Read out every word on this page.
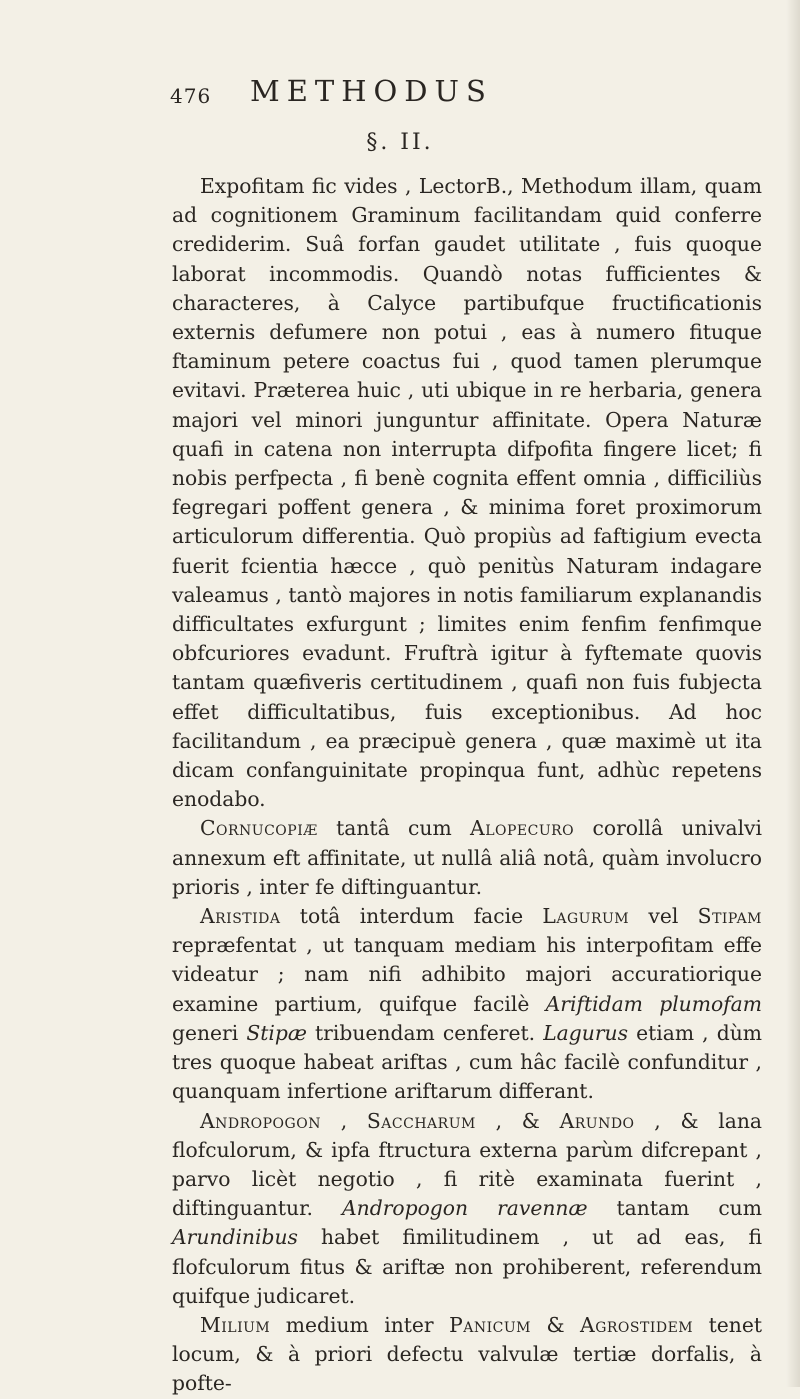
476 METHODUS
§. II.

Expofitam fic vides , LectorB., Methodum illam, quam ad cognitionem Graminum facilitandam quid conferre crediderim. Suâ forfan gaudet utilitate , fuis quoque laborat incommodis. Quandò notas fufficientes & characteres, à Calyce partibufque fructificationis externis defumere non potui , eas à numero fituque ftaminum petere coactus fui , quod tamen plerumque evitavi. Præterea huic , uti ubique in re herbaria, genera majori vel minori junguntur affinitate. Opera Naturæ quafi in catena non interrupta difpofita fingere licet; fi nobis perfpecta , fi benè cognita effent omnia , difficiliùs fegregari poffent genera , & minima foret proximorum articulorum differentia. Quò propiùs ad faftigium evecta fuerit fcientia hæcce , quò penitùs Naturam indagare valeamus , tantò majores in notis familiarum explanandis difficultates exfurgunt ; limites enim fenfim fenfimque obfcuriores evadunt. Fruftrà igitur à fyftemate quovis tantam quæfiveris certitudinem , quafi non fuis fubjecta effet difficultatibus, fuis exceptionibus. Ad hoc facilitandum , ea præcipuè genera , quæ maximè ut ita dicam confanguinitate propinqua funt, adhùc repetens enodabo.

Cornucopiæ tantâ cum Alopecuro corollâ univalvi annexum eft affinitate, ut nullâ aliâ notâ, quàm involucro prioris , inter fe diftinguantur.

Aristida totâ interdum facie Lagurum vel Stipam repræfentat , ut tanquam mediam his interpofitam effe videatur ; nam nifi adhibito majori accuratiorique examine partium, quifque facilè Ariftidam plumofam generi Stipæ tribuendam cenferet. Lagurus etiam , dùm tres quoque habeat ariftas , cum hâc facilè confunditur , quanquam infertione ariftarum differant.

Andropogon , Saccharum , & Arundo , & lana flofculorum, & ipfa ftructura externa parùm difcrepant , parvo licèt negotio , fi ritè examinata fuerint , diftinguantur. Andropogon ravennæ tantam cum Arundinibus habet fimilitudinem , ut ad eas, fi flofculorum fitus & ariftæ non prohiberent, referendum quifque judicaret.

Milium medium inter Panicum & Agrostidem tenet locum, & à priori defectu valvulæ tertiæ dorfalis, à pofte-
